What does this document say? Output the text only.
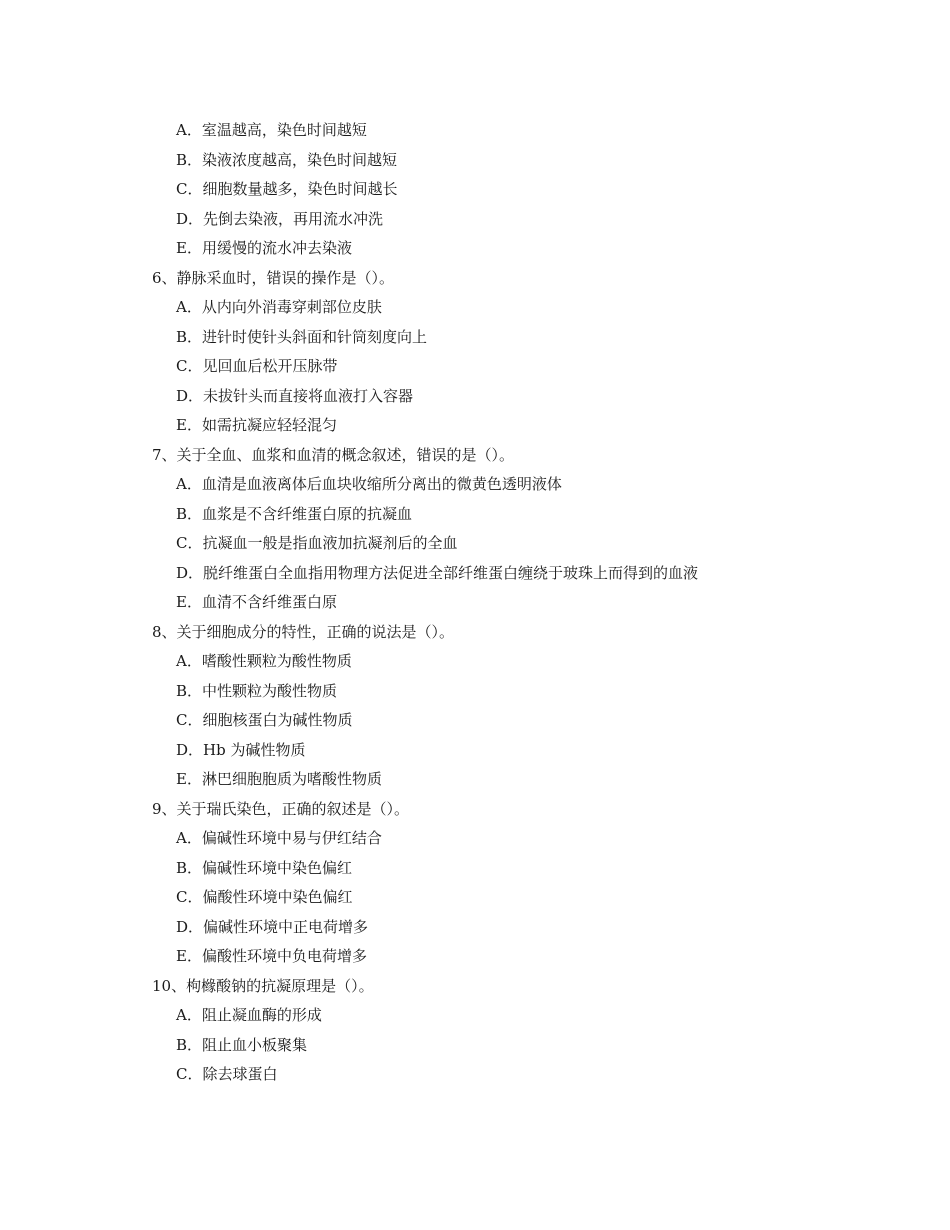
A．室温越高，染色时间越短
B．染液浓度越高，染色时间越短
C．细胞数量越多，染色时间越长
D．先倒去染液，再用流水冲洗
E．用缓慢的流水冲去染液
6、静脉采血时，错误的操作是（）。
A．从内向外消毒穿刺部位皮肤
B．进针时使针头斜面和针筒刻度向上
C．见回血后松开压脉带
D．未拔针头而直接将血液打入容器
E．如需抗凝应轻轻混匀
7、关于全血、血浆和血清的概念叙述，错误的是（）。
A．血清是血液离体后血块收缩所分离出的微黄色透明液体
B．血浆是不含纤维蛋白原的抗凝血
C．抗凝血一般是指血液加抗凝剂后的全血
D．脱纤维蛋白全血指用物理方法促进全部纤维蛋白缠绕于玻珠上而得到的血液
E．血清不含纤维蛋白原
8、关于细胞成分的特性，正确的说法是（）。
A．嗜酸性颗粒为酸性物质
B．中性颗粒为酸性物质
C．细胞核蛋白为碱性物质
D．Hb 为碱性物质
E．淋巴细胞胞质为嗜酸性物质
9、关于瑞氏染色，正确的叙述是（）。
A．偏碱性环境中易与伊红结合
B．偏碱性环境中染色偏红
C．偏酸性环境中染色偏红
D．偏碱性环境中正电荷增多
E．偏酸性环境中负电荷增多
10、枸橼酸钠的抗凝原理是（）。
A．阻止凝血酶的形成
B．阻止血小板聚集
C．除去球蛋白
